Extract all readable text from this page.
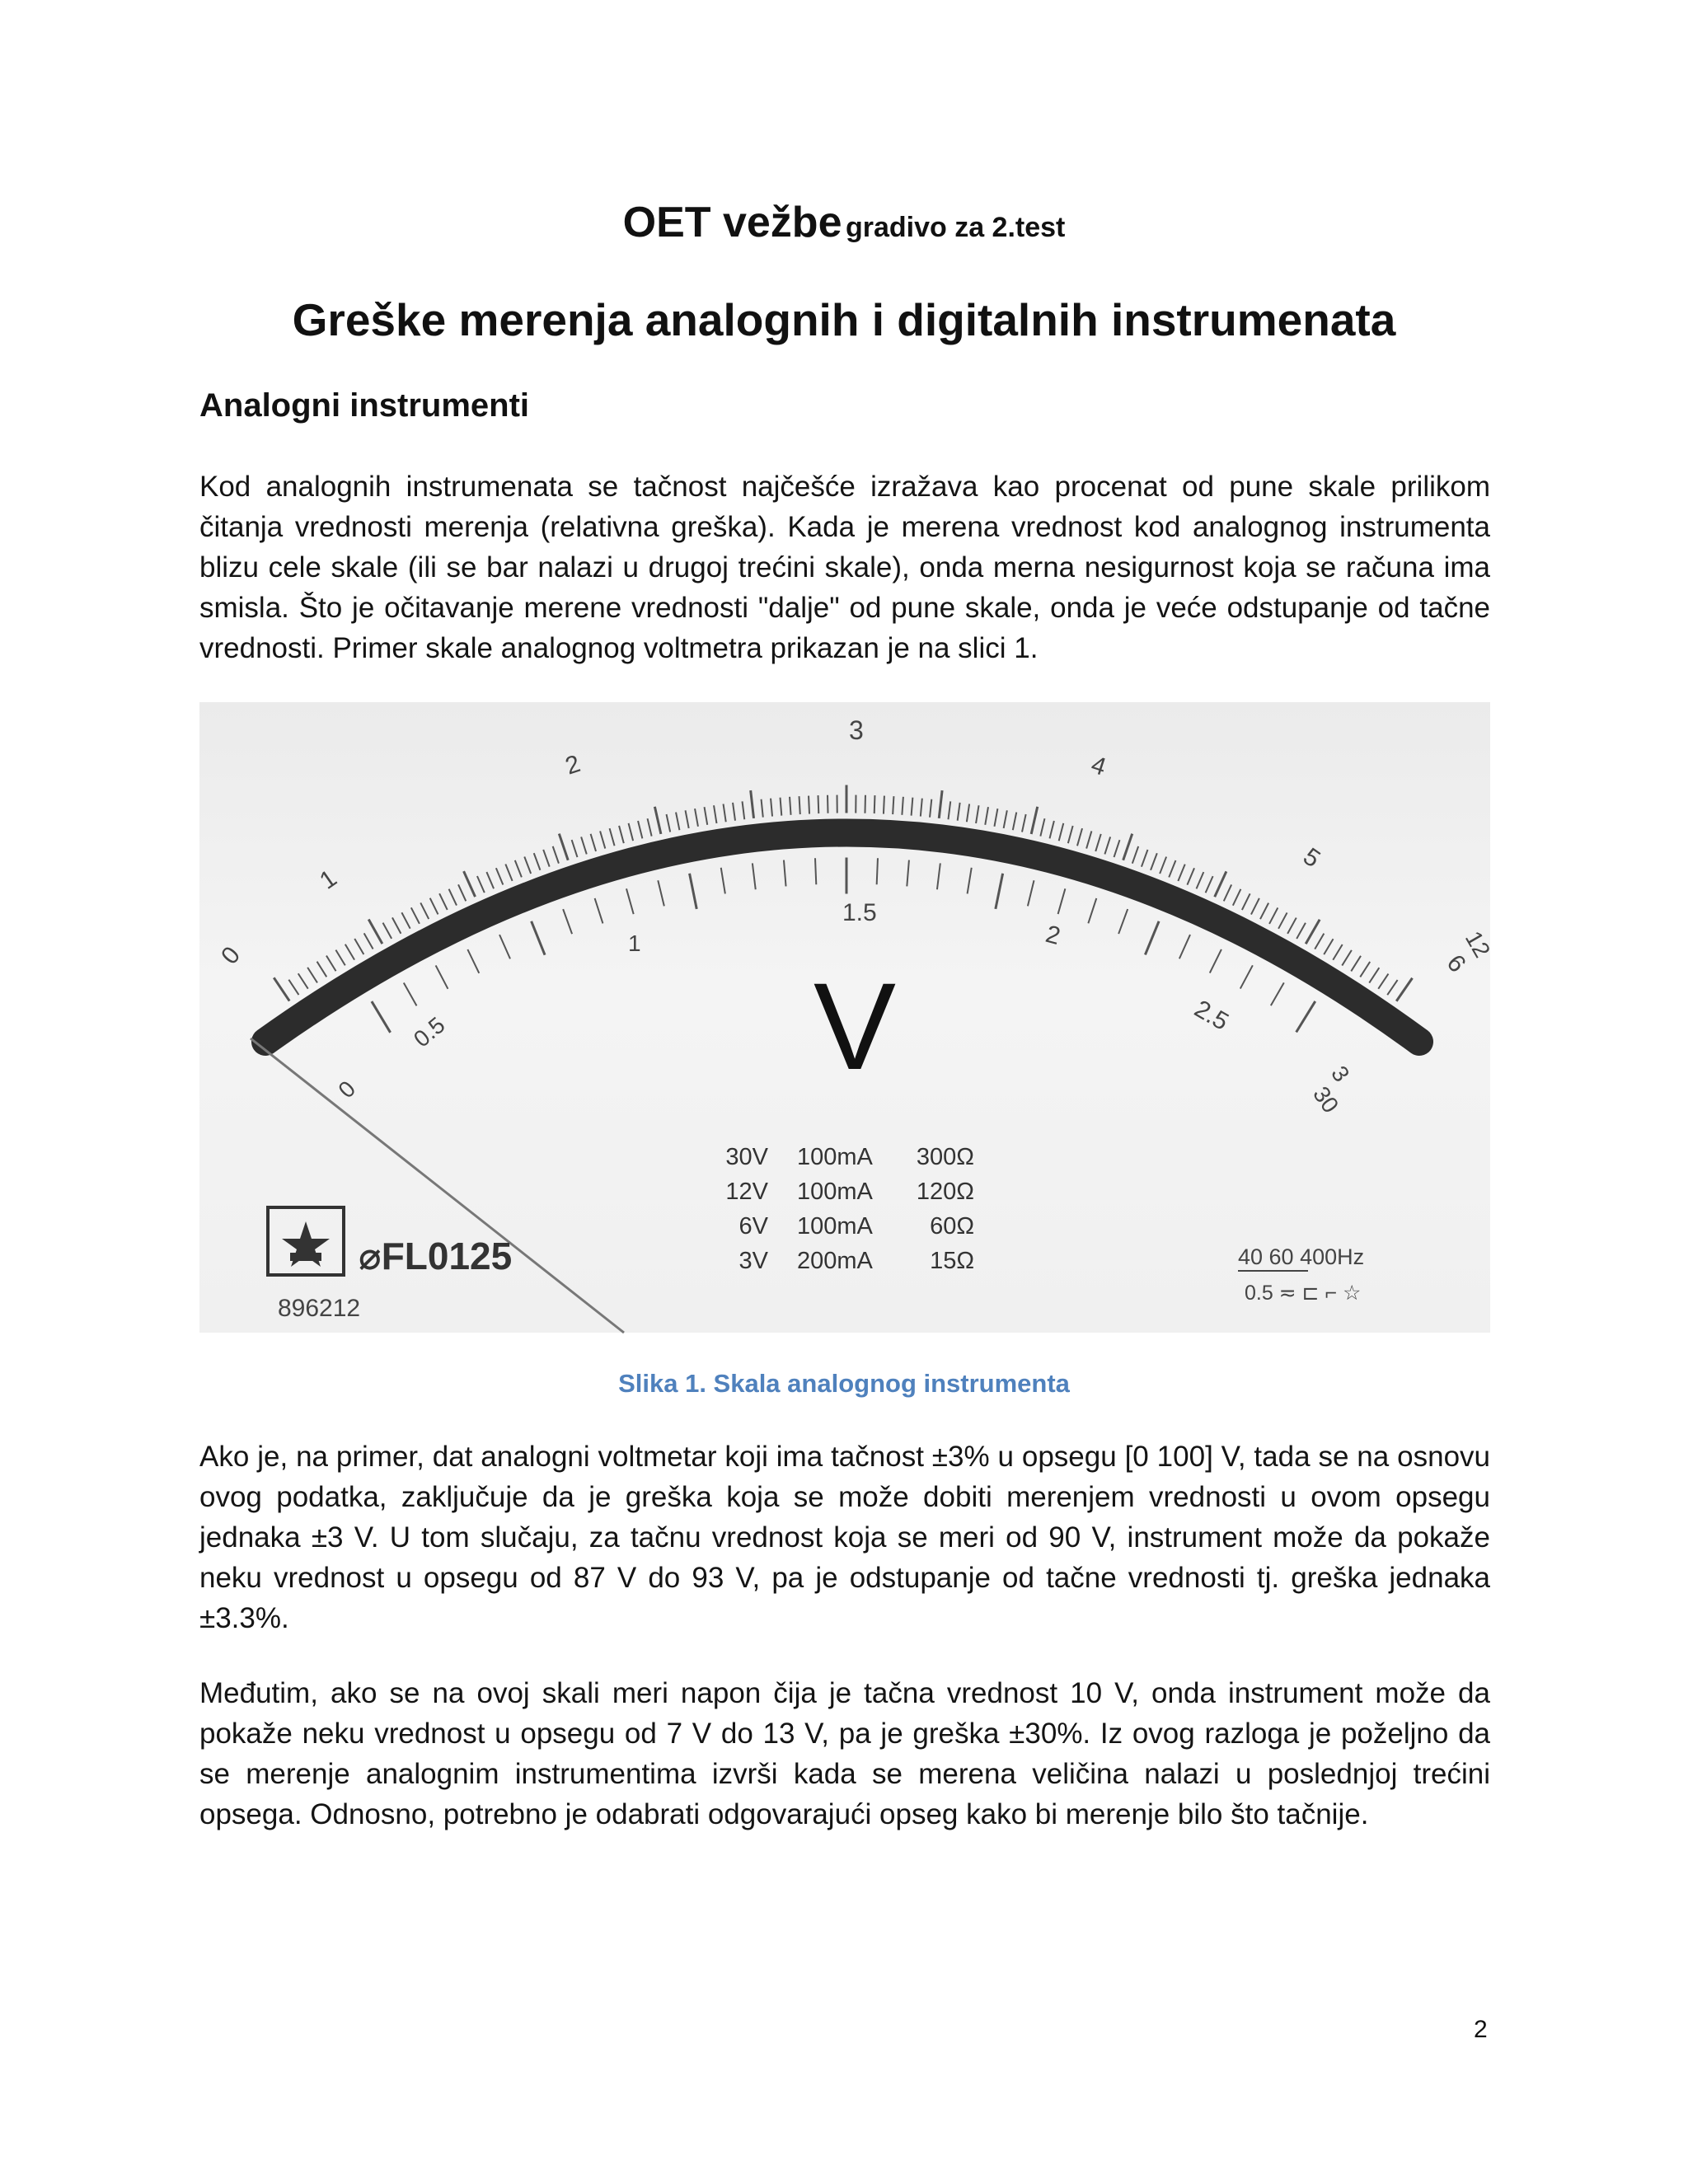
OET vežbe gradivo za 2.test
Greške merenja analognih i digitalnih instrumenata
Analogni instrumenti

Kod analognih instrumenata se tačnost najčešće izražava kao procenat od pune skale prilikom čitanja vrednosti merenja (relativna greška). Kada je merena vrednost kod analognog instrumenta blizu cele skale (ili se bar nalazi u drugoj trećini skale), onda merna nesigurnost koja se računa ima smisla. Što je očitavanje merene vrednosti "dalje" od pune skale, onda je veće odstupanje od tačne vrednosti. Primer skale analognog voltmetra prikazan je na slici 1.

0
1
2
3
4
5
6
12
1
1.5
2
0
0.5	2.5
3
30
V
30V 100mA 300Ω
12V 100mA 120Ω
6V 100mA 60Ω
3V 200mA 15Ω
⌀FL0125
896212
40 60 400Hz
0.5 ≂ ⊏ ⌐ ☆
Slika 1. Skala analognog instrumenta

Ako je, na primer, dat analogni voltmetar koji ima tačnost ±3% u opsegu [0 100] V, tada se na osnovu ovog podatka, zaključuje da je greška koja se može dobiti merenjem vrednosti u ovom opsegu jednaka ±3 V. U tom slučaju, za tačnu vrednost koja se meri od 90 V, instrument može da pokaže neku vrednost u opsegu od 87 V do 93 V, pa je odstupanje od tačne vrednosti tj. greška jednaka ±3.3%.

Međutim, ako se na ovoj skali meri napon čija je tačna vrednost 10 V, onda instrument može da pokaže neku vrednost u opsegu od 7 V do 13 V, pa je greška ±30%. Iz ovog razloga je poželjno da se merenje analognim instrumentima izvrši kada se merena veličina nalazi u poslednjoj trećini opsega. Odnosno, potrebno je odabrati odgovarajući opseg kako bi merenje bilo što tačnije.

2
